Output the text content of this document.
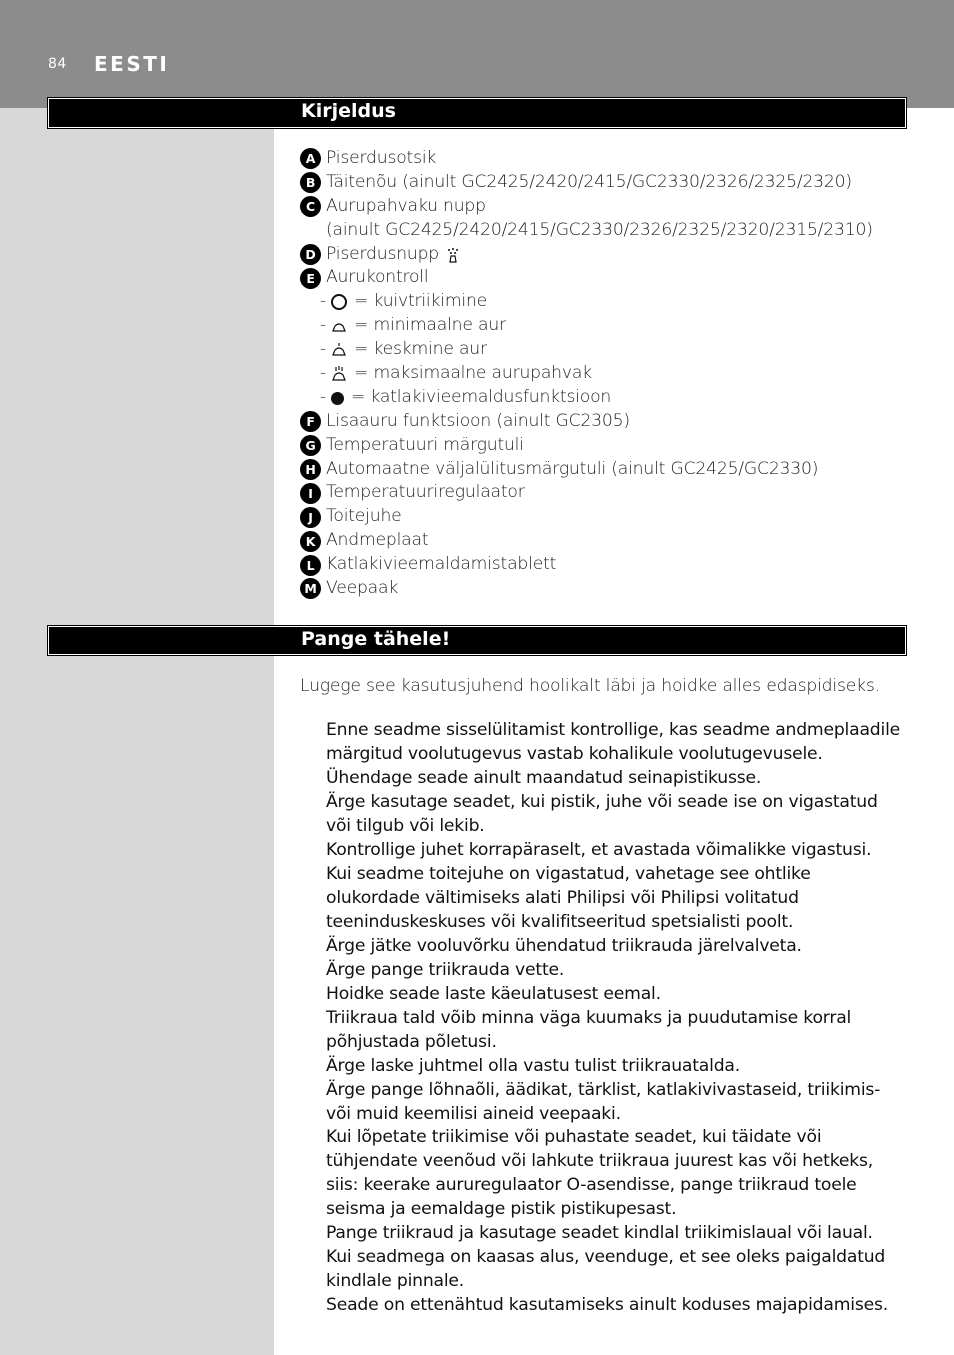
84 EESTI
Kirjeldus
A Piserdusotsik
B Täitenõu (ainult GC2425/2420/2415/GC2330/2326/2325/2320)
C Aurupahvaku nupp
(ainult GC2425/2420/2415/GC2330/2326/2325/2320/2315/2310)
D Piserdusnupp
E Aurukontroll
- = kuivtriikimine
- = minimaalne aur
- = keskmine aur
- = maksimaalne aurupahvak
- = katlakivieemaldusfunktsioon
F Lisaauru funktsioon (ainult GC2305)
G Temperatuuri märgutuli
H Automaatne väljalülitusmärgutuli (ainult GC2425/GC2330)
I Temperatuuriregulaator
J Toitejuhe
K Andmeplaat
L Katlakivieemaldamistablett
M Veepaak
Pange tähele!
Lugege see kasutusjuhend hoolikalt läbi ja hoidke alles edaspidiseks.
Enne seadme sisselülitamist kontrollige, kas seadme andmeplaadile
märgitud voolutugevus vastab kohalikule voolutugevusele.
Ühendage seade ainult maandatud seinapistikusse.
Ärge kasutage seadet, kui pistik, juhe või seade ise on vigastatud
või tilgub või lekib.
Kontrollige juhet korrapäraselt, et avastada võimalikke vigastusi.
Kui seadme toitejuhe on vigastatud, vahetage see ohtlike
olukordade vältimiseks alati Philipsi või Philipsi volitatud
teeninduskeskuses või kvalifitseeritud spetsialisti poolt.
Ärge jätke vooluvõrku ühendatud triikrauda järelvalveta.
Ärge pange triikrauda vette.
Hoidke seade laste käeulatusest eemal.
Triikraua tald võib minna väga kuumaks ja puudutamise korral
põhjustada põletusi.
Ärge laske juhtmel olla vastu tulist triikrauatalda.
Ärge pange lõhnaõli, äädikat, tärklist, katlakivivastaseid, triikimis-
või muid keemilisi aineid veepaaki.
Kui lõpetate triikimise või puhastate seadet, kui täidate või
tühjendate veenõud või lahkute triikraua juurest kas või hetkeks,
siis: keerake aururegulaator O-asendisse, pange triikraud toele
seisma ja eemaldage pistik pistikupesast.
Pange triikraud ja kasutage seadet kindlal triikimislaual või laual.
Kui seadmega on kaasas alus, veenduge, et see oleks paigaldatud
kindlale pinnale.
Seade on ettenähtud kasutamiseks ainult koduses majapidamises.
